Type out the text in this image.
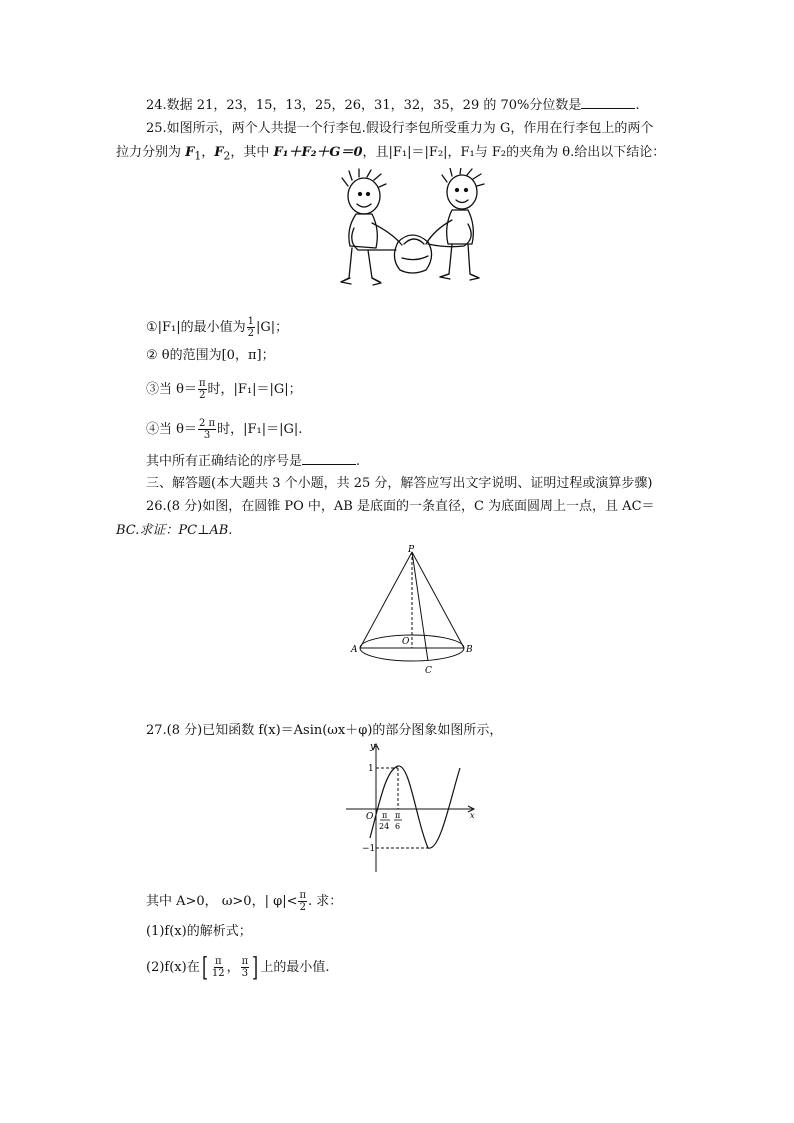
24.数据 21，23，15，13，25，26，31，32，35，29 的 70%分位数是	.
25.如图所示，两个人共提一个行李包.假设行李包所受重力为 G，作用在行李包上的两个
拉力分别为 $F_1$，$F_2$，其中 F₁＋F₂＋G＝0，且|F₁|＝|F₂|，F₁与 F₂的夹角为 θ.给出以下结论：
①|F₁|的最小值为 $\frac{1}{2} |G|$；
② θ的范围为[0，π]；
③当 $\theta= \frac{\pi}{2}$ 时，|F₁|＝|G|；
④当 $\theta= \frac{2 \pi}{3}$ 时，|F₁|＝|G|.
其中所有正确结论的序号是	.
三、解答题(本大题共 3 个小题，共 25 分，解答应写出文字说明、证明过程或演算步骤)
26.(8 分)如图，在圆锥 PO 中，AB 是底面的一条直径，C 为底面圆周上一点，且 AC＝
BC.求证：PC⊥AB.
P
O
A	B
C
27.(8 分)已知函数 f(x)＝Asin(ωx＋φ)的部分图象如图所示，
y
x
O
1
−1
π
24
π
6
其中 A>0， ω>0，| $\varphi|< \frac{\pi}{2}$ . 求：
(1)f(x)的解析式；
(2)f(x)在[ $\frac{\pi}{12}$ ， $\frac{\pi}{3}$ ] 上的最小值.
